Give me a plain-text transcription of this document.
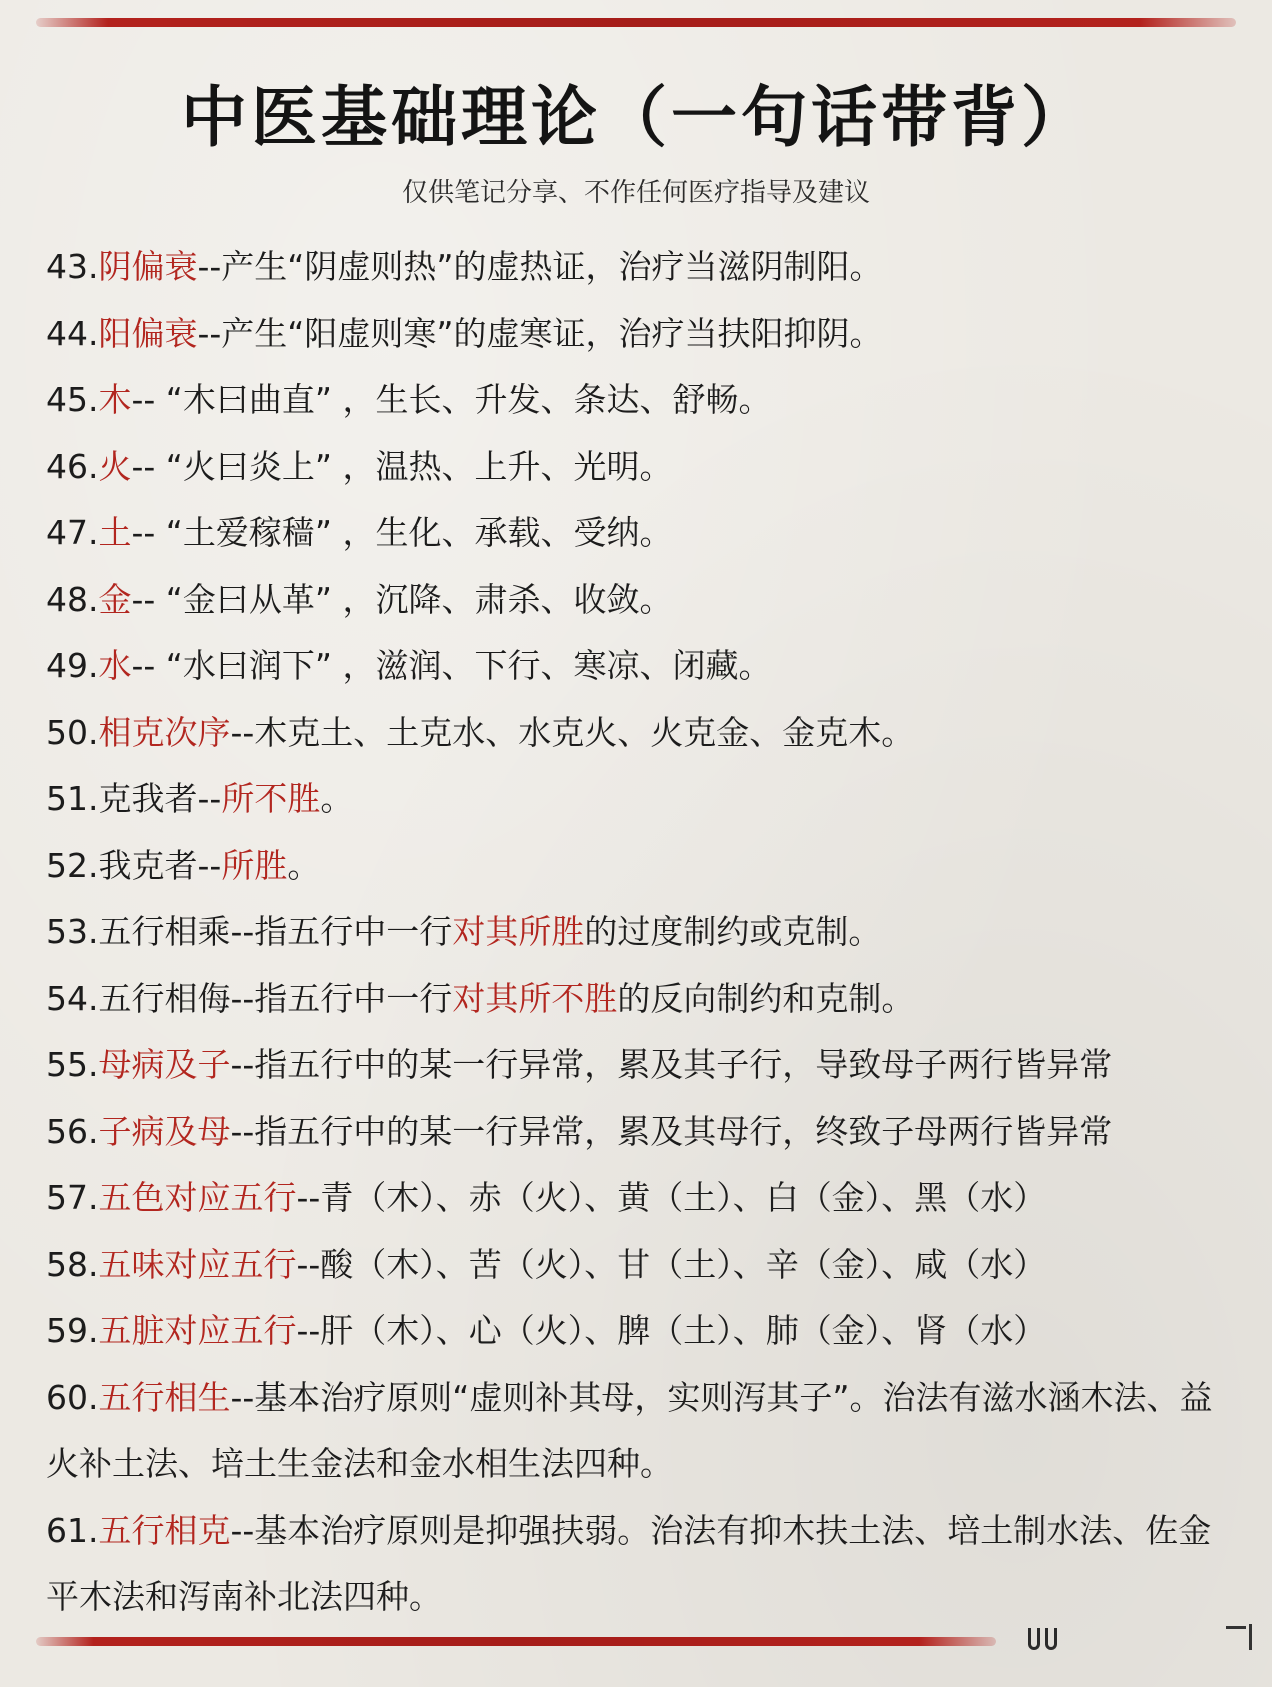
中医基础理论（一句话带背）
仅供笔记分享、不作任何医疗指导及建议
43.阴偏衰--产生“阴虚则热”的虚热证，治疗当滋阴制阳。
44.阳偏衰--产生“阳虚则寒”的虚寒证，治疗当扶阳抑阴。
45.木-- “木曰曲直” ，生长、升发、条达、舒畅。
46.火-- “火曰炎上” ，温热、上升、光明。
47.土-- “土爱稼穑” ，生化、承载、受纳。
48.金-- “金曰从革” ，沉降、肃杀、收敛。
49.水-- “水曰润下” ，滋润、下行、寒凉、闭藏。
50.相克次序--木克土、土克水、水克火、火克金、金克木。
51.克我者--所不胜。
52.我克者--所胜。
53.五行相乘--指五行中一行对其所胜的过度制约或克制。
54.五行相侮--指五行中一行对其所不胜的反向制约和克制。
55.母病及子--指五行中的某一行异常，累及其子行，导致母子两行皆异常
56.子病及母--指五行中的某一行异常，累及其母行，终致子母两行皆异常
57.五色对应五行--青（木）、赤（火）、黄（土）、白（金）、黑（水）
58.五味对应五行--酸（木）、苦（火）、甘（土）、辛（金）、咸（水）
59.五脏对应五行--肝（木）、心（火）、脾（土）、肺（金）、肾（水）
60.五行相生--基本治疗原则“虚则补其母，实则泻其子”。治法有滋水涵木法、益火补土法、培土生金法和金水相生法四种。
61.五行相克--基本治疗原则是抑强扶弱。治法有抑木扶土法、培土制水法、佐金平木法和泻南补北法四种。
